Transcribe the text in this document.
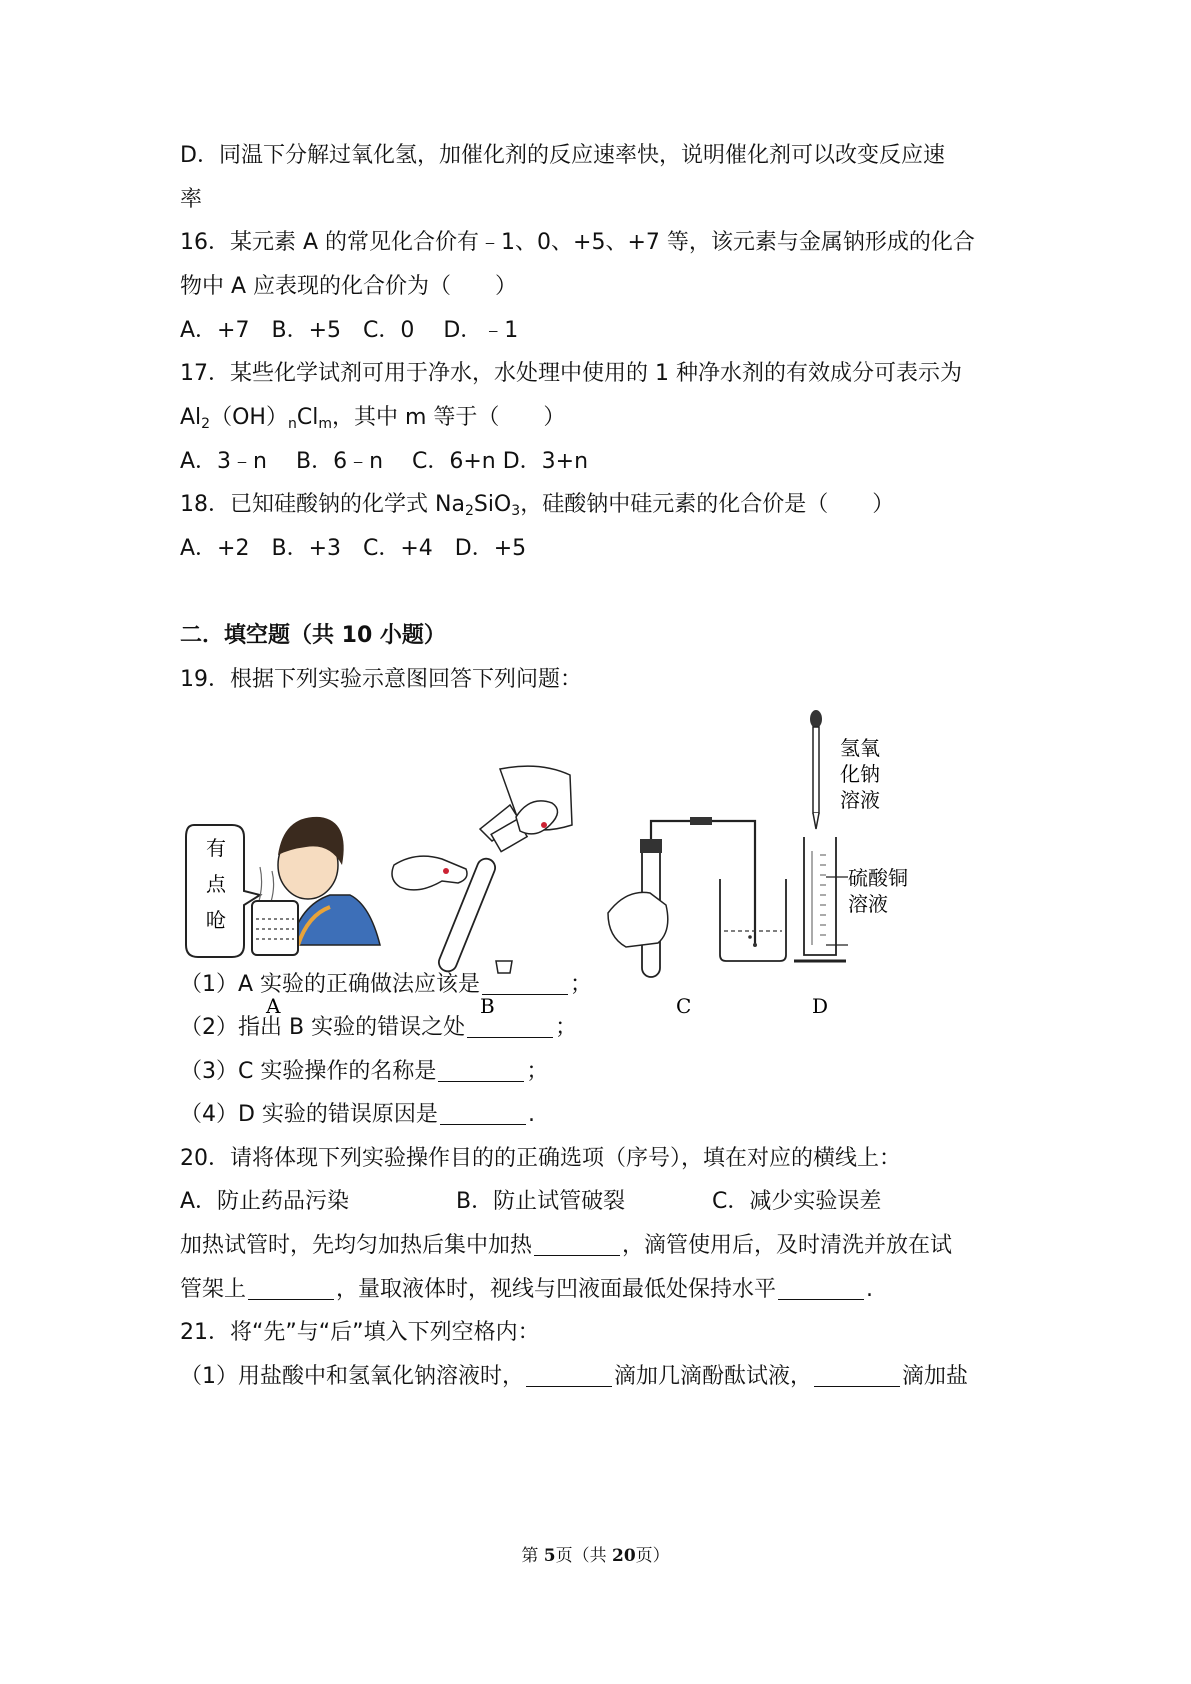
D．同温下分解过氧化氢，加催化剂的反应速率快，说明催化剂可以改变反应速
率
16．某元素 A 的常见化合价有﹣1、0、+5、+7 等，该元素与金属钠形成的化合
物中 A 应表现的化合价为（　　）
A．+7　B．+5　C．0　 D．﹣1
17．某些化学试剂可用于净水，水处理中使用的 1 种净水剂的有效成分可表示为
$Al_2(OH)_nCl_m$，其中 m 等于（　　）
A．3﹣n　 B．6﹣n　 C．6+n D．3+n
18．已知硅酸钠的化学式 $Na_2SiO_3$，硅酸钠中硅元素的化合价是（　　）
A．+2　B．+3　C．+4　D．+5
二．填空题（共 10 小题）
19．根据下列实验示意图回答下列问题：
有
点
呛
A	B	C
氢氧
化钠
溶液
硫酸铜
溶液
D
（1）A 实验的正确做法应该是	；
（2）指出 B 实验的错误之处	；
（3）C 实验操作的名称是	；
（4）D 实验的错误原因是	.
20．请将体现下列实验操作目的的正确选项（序号），填在对应的横线上：
A．防止药品污染	B．防止试管破裂	C．减少实验误差
加热试管时，先均匀加热后集中加热	，滴管使用后，及时清洗并放在试
管架上	，量取液体时，视线与凹液面最低处保持水平	.
21．将“先”与“后”填入下列空格内：
（1）用盐酸中和氢氧化钠溶液时，	滴加几滴酚酞试液，	滴加盐
第 5页（共 20页）
